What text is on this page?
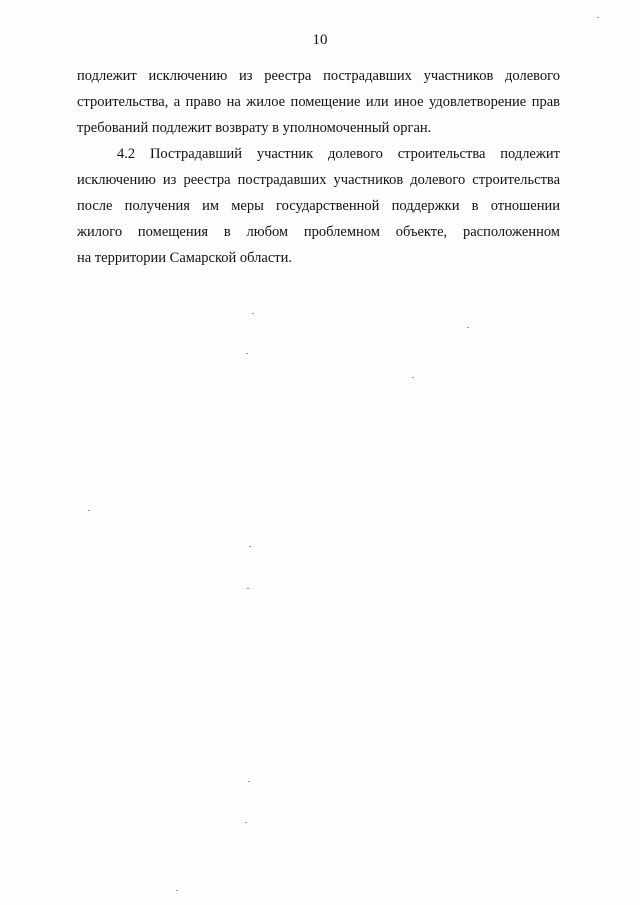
10
подлежит исключению из реестра пострадавших участников долевого
строительства, а право на жилое помещение или иное удовлетворение прав
требований подлежит возврату в уполномоченный орган.
4.2 Пострадавший участник долевого строительства подлежит
исключению из реестра пострадавших участников долевого строительства
после получения им меры государственной поддержки в отношении
жилого помещения в любом проблемном объекте, расположенном
на территории Самарской области.
